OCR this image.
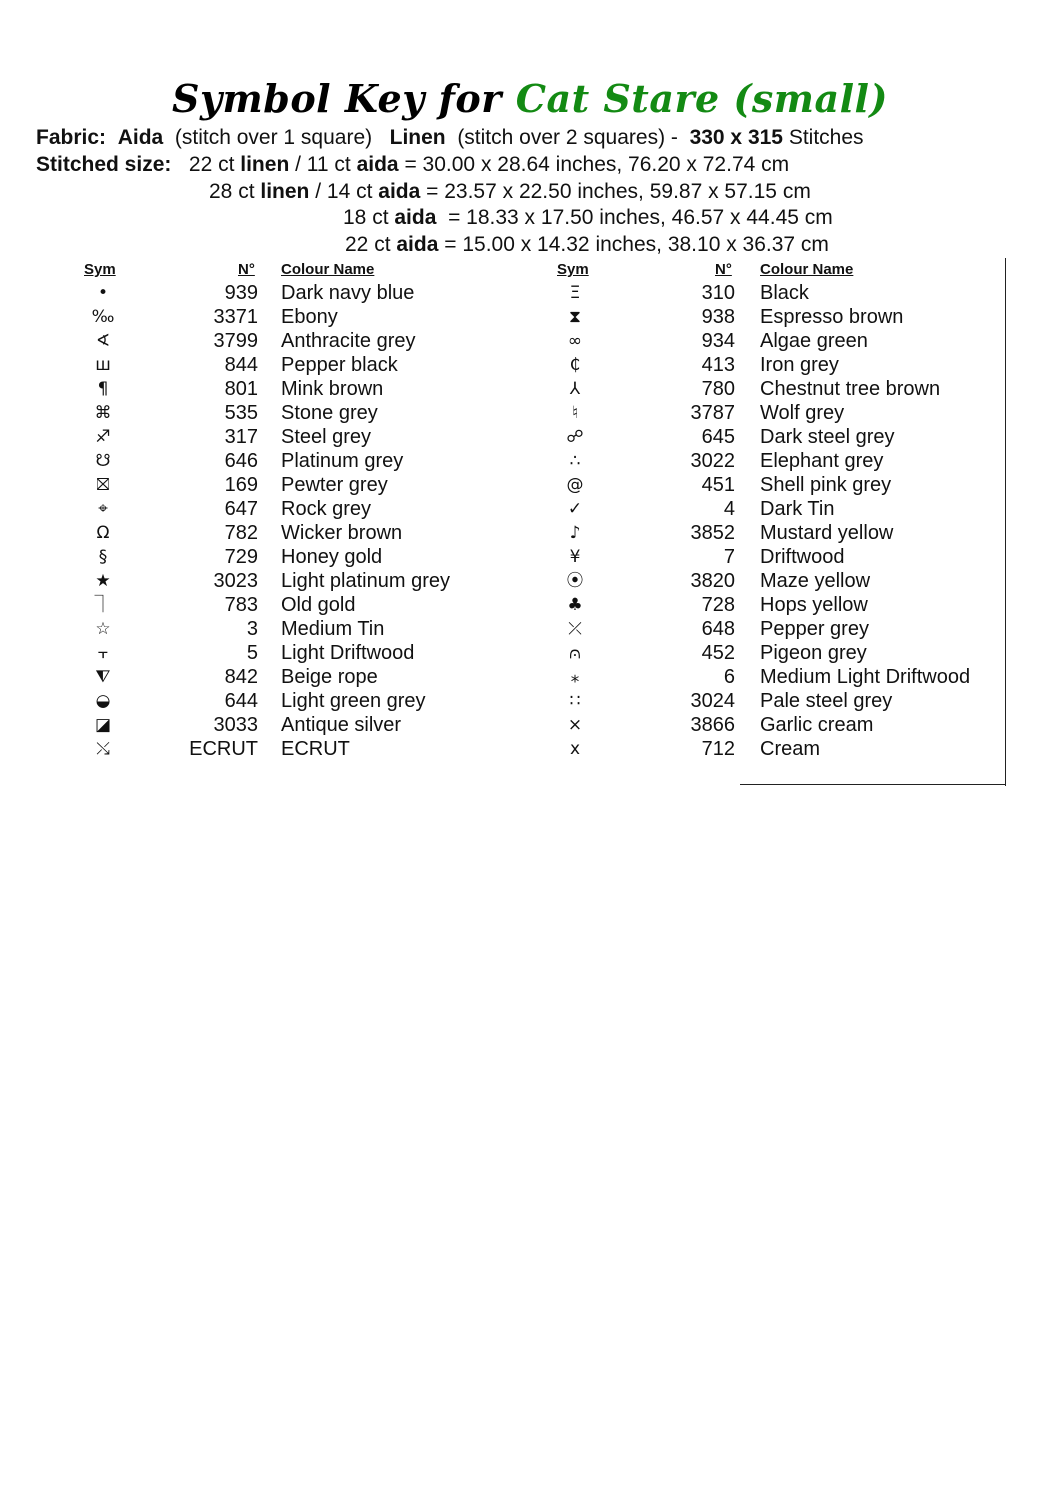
Symbol Key for Cat Stare (small)
Fabric: Aida (stitch over 1 square) Linen (stitch over 2 squares) - 330 x 315 Stitches
Stitched size: 22 ct linen / 11 ct aida = 30.00 x 28.64 inches, 76.20 x 72.74 cm
28 ct linen / 14 ct aida = 23.57 x 22.50 inches, 59.87 x 57.15 cm
18 ct aida  = 18.33 x 17.50 inches, 46.57 x 44.45 cm
22 ct aida = 15.00 x 14.32 inches, 38.10 x 36.37 cm
Sym	N° Colour Name	Sym	N° Colour Name
•	939 Dark navy blue
‰	3371 Ebony
∢	3799 Anthracite grey
ш	844 Pepper black
¶	801 Mink brown
⌘	535 Stone grey
♐	317 Steel grey
☋	646 Platinum grey
⛝	169 Pewter grey
⌖	647 Rock grey
Ω	782 Wicker brown
§	729 Honey gold
★	3023 Light platinum grey
⏋	783 Old gold
☆	3 Medium Tin
⫟	5 Light Driftwood
⧨	842 Beige rope
◒	644 Light green grey
◪	3033 Antique silver
⤯	ECRUT ECRUT
Ξ	310 Black
⧗	938 Espresso brown
∞	934 Algae green
₵	413 Iron grey
⅄	780 Chestnut tree brown
♮	3787 Wolf grey
☍	645 Dark steel grey
∴	3022 Elephant grey
@	451 Shell pink grey
✓	4 Dark Tin
♪	3852 Mustard yellow
¥	7 Driftwood
⦿	3820 Maze yellow
♣	728 Hops yellow
⤫	648 Pepper grey
⩀	452 Pigeon grey
⁎	6 Medium Light Driftwood
∷	3024 Pale steel grey
⨯	3866 Garlic cream
x	712 Cream
